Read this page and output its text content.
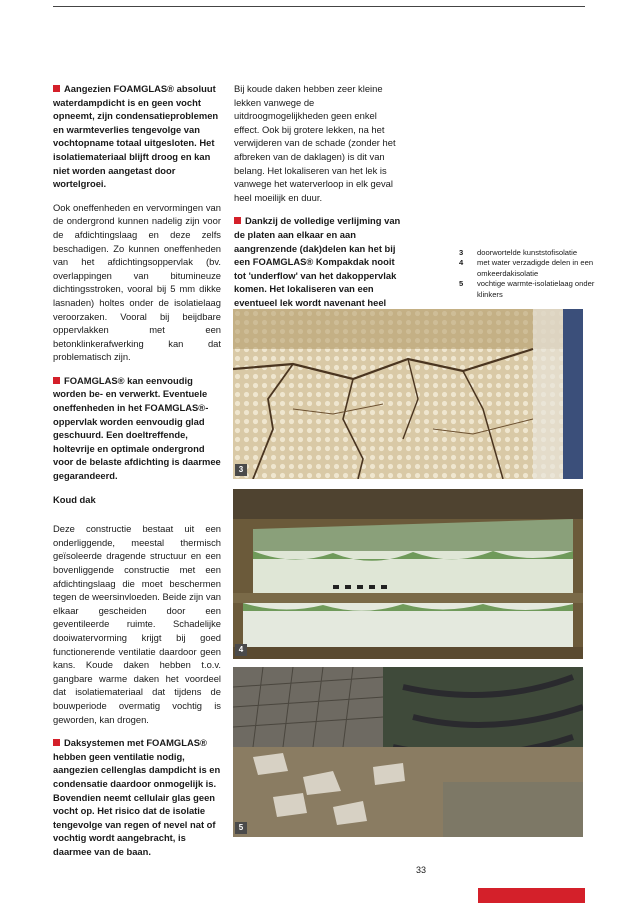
Aangezien FOAMGLAS® absoluut waterdampdicht is en geen vocht opneemt, zijn condensatieproblemen en warmteverlies tengevolge van vochtopname totaal uitgesloten. Het isolatiemateriaal blijft droog en kan niet worden aangetast door wortelgroei.

Ook oneffenheden en vervormingen van de ondergrond kunnen nadelig zijn voor de afdichtingslaag en deze zelfs beschadigen. Zo kunnen oneffenheden van het afdichtingsoppervlak (bv. overlappingen van bitumineuze dichtingsstroken, vooral bij 5 mm dikke lasnaden) holtes onder de isolatielaag veroorzaken. Vooral bij beijdbare oppervlakken met een betonklinkerafwerking kan dat problematisch zijn.

FOAMGLAS® kan eenvoudig worden be- en verwerkt. Eventuele oneffenheden in het FOAMGLAS®-oppervlak worden eenvoudig glad geschuurd. Een doeltreffende, holtevrije en optimale ondergrond voor de belaste afdichting is daarmee gegarandeerd.

Koud dak

Deze constructie bestaat uit een onderliggende, meestal thermisch geïsoleerde dragende structuur en een bovenliggende constructie met een afdichtingslaag die moet beschermen tegen de weersinvloeden. Beide zijn van elkaar gescheiden door een geventileerde ruimte. Schadelijke dooiwatervorming krijgt bij goed functionerende ventilatie daardoor geen kans. Koude daken hebben t.o.v. gangbare warme daken het voordeel dat isolatiemateriaal dat tijdens de bouwperiode overmatig vochtig is geworden, kan drogen.

Daksystemen met FOAMGLAS® hebben geen ventilatie nodig, aangezien cellenglas dampdicht is en condensatie daardoor onmogelijk is. Bovendien neemt cellulair glas geen vocht op. Het risico dat de isolatie tengevolge van regen of nevel nat of vochtig wordt aangebracht, is daarmee van de baan.

Bij koude daken hebben zeer kleine lekken vanwege de uitdroogmogelijkheden geen enkel effect. Ook bij grotere lekken, na het verwijderen van de schade (zonder het afbreken van de daklagen) is dit van belang. Het lokaliseren van het lek is vanwege het waterverloop in elk geval heel moeilijk en duur.

Dankzij de volledige verlijming van de platen aan elkaar en aan aangrenzende (dak)delen kan het bij een FOAMGLAS® Kompakdak nooit tot 'underflow' van het dakoppervlak komen. Het lokaliseren van een eventueel lek wordt navenant heel

3	doorwortelde kunststofisolatie
4	met water verzadigde delen in een omkeerdakisolatie
5	vochtige warmte-isolatielaag onder klinkers
3
4
5
33
